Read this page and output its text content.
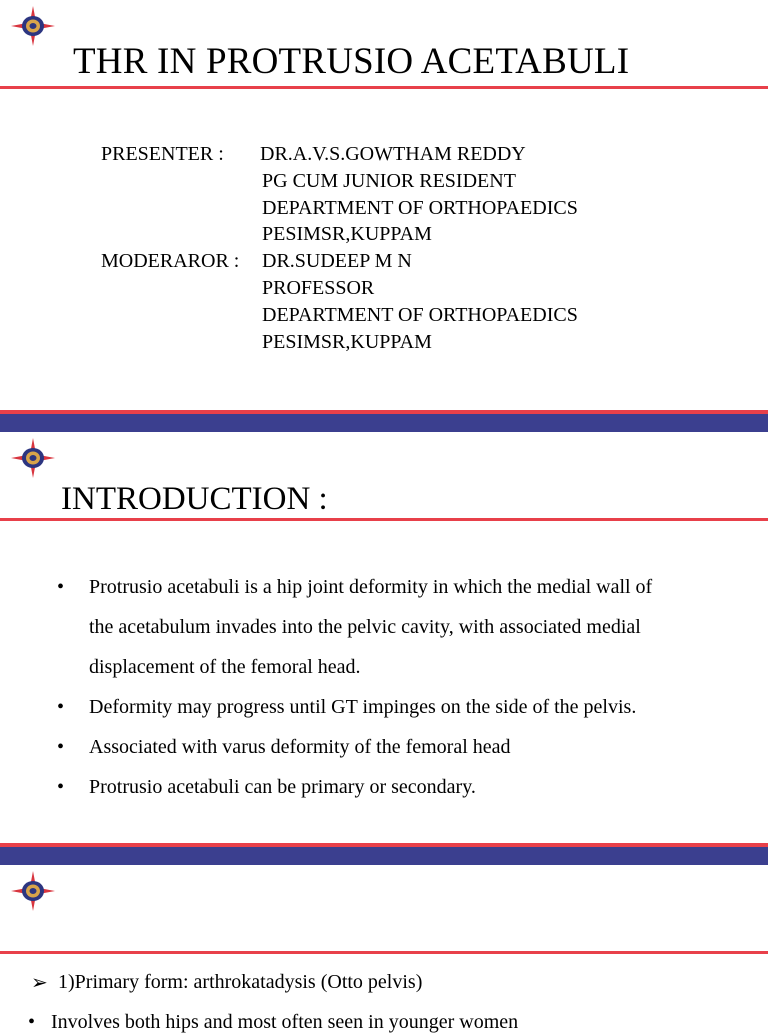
THR IN PROTRUSIO ACETABULI
PRESENTER : DR.A.V.S.GOWTHAM REDDY
PG CUM JUNIOR RESIDENT
DEPARTMENT OF ORTHOPAEDICS
PESIMSR,KUPPAM
MODERAROR : DR.SUDEEP M N
PROFESSOR
DEPARTMENT OF ORTHOPAEDICS
PESIMSR,KUPPAM
INTRODUCTION :
• Protrusio acetabuli is a hip joint deformity in which the medial wall of
the acetabulum invades into the pelvic cavity, with associated medial
displacement of the femoral head.
• Deformity may progress until GT impinges on the side of the pelvis.
• Associated with varus deformity of the femoral head
• Protrusio acetabuli can be primary or secondary.
➢ 1)Primary form: arthrokatadysis (Otto pelvis)
• Involves both hips and most often seen in younger women
